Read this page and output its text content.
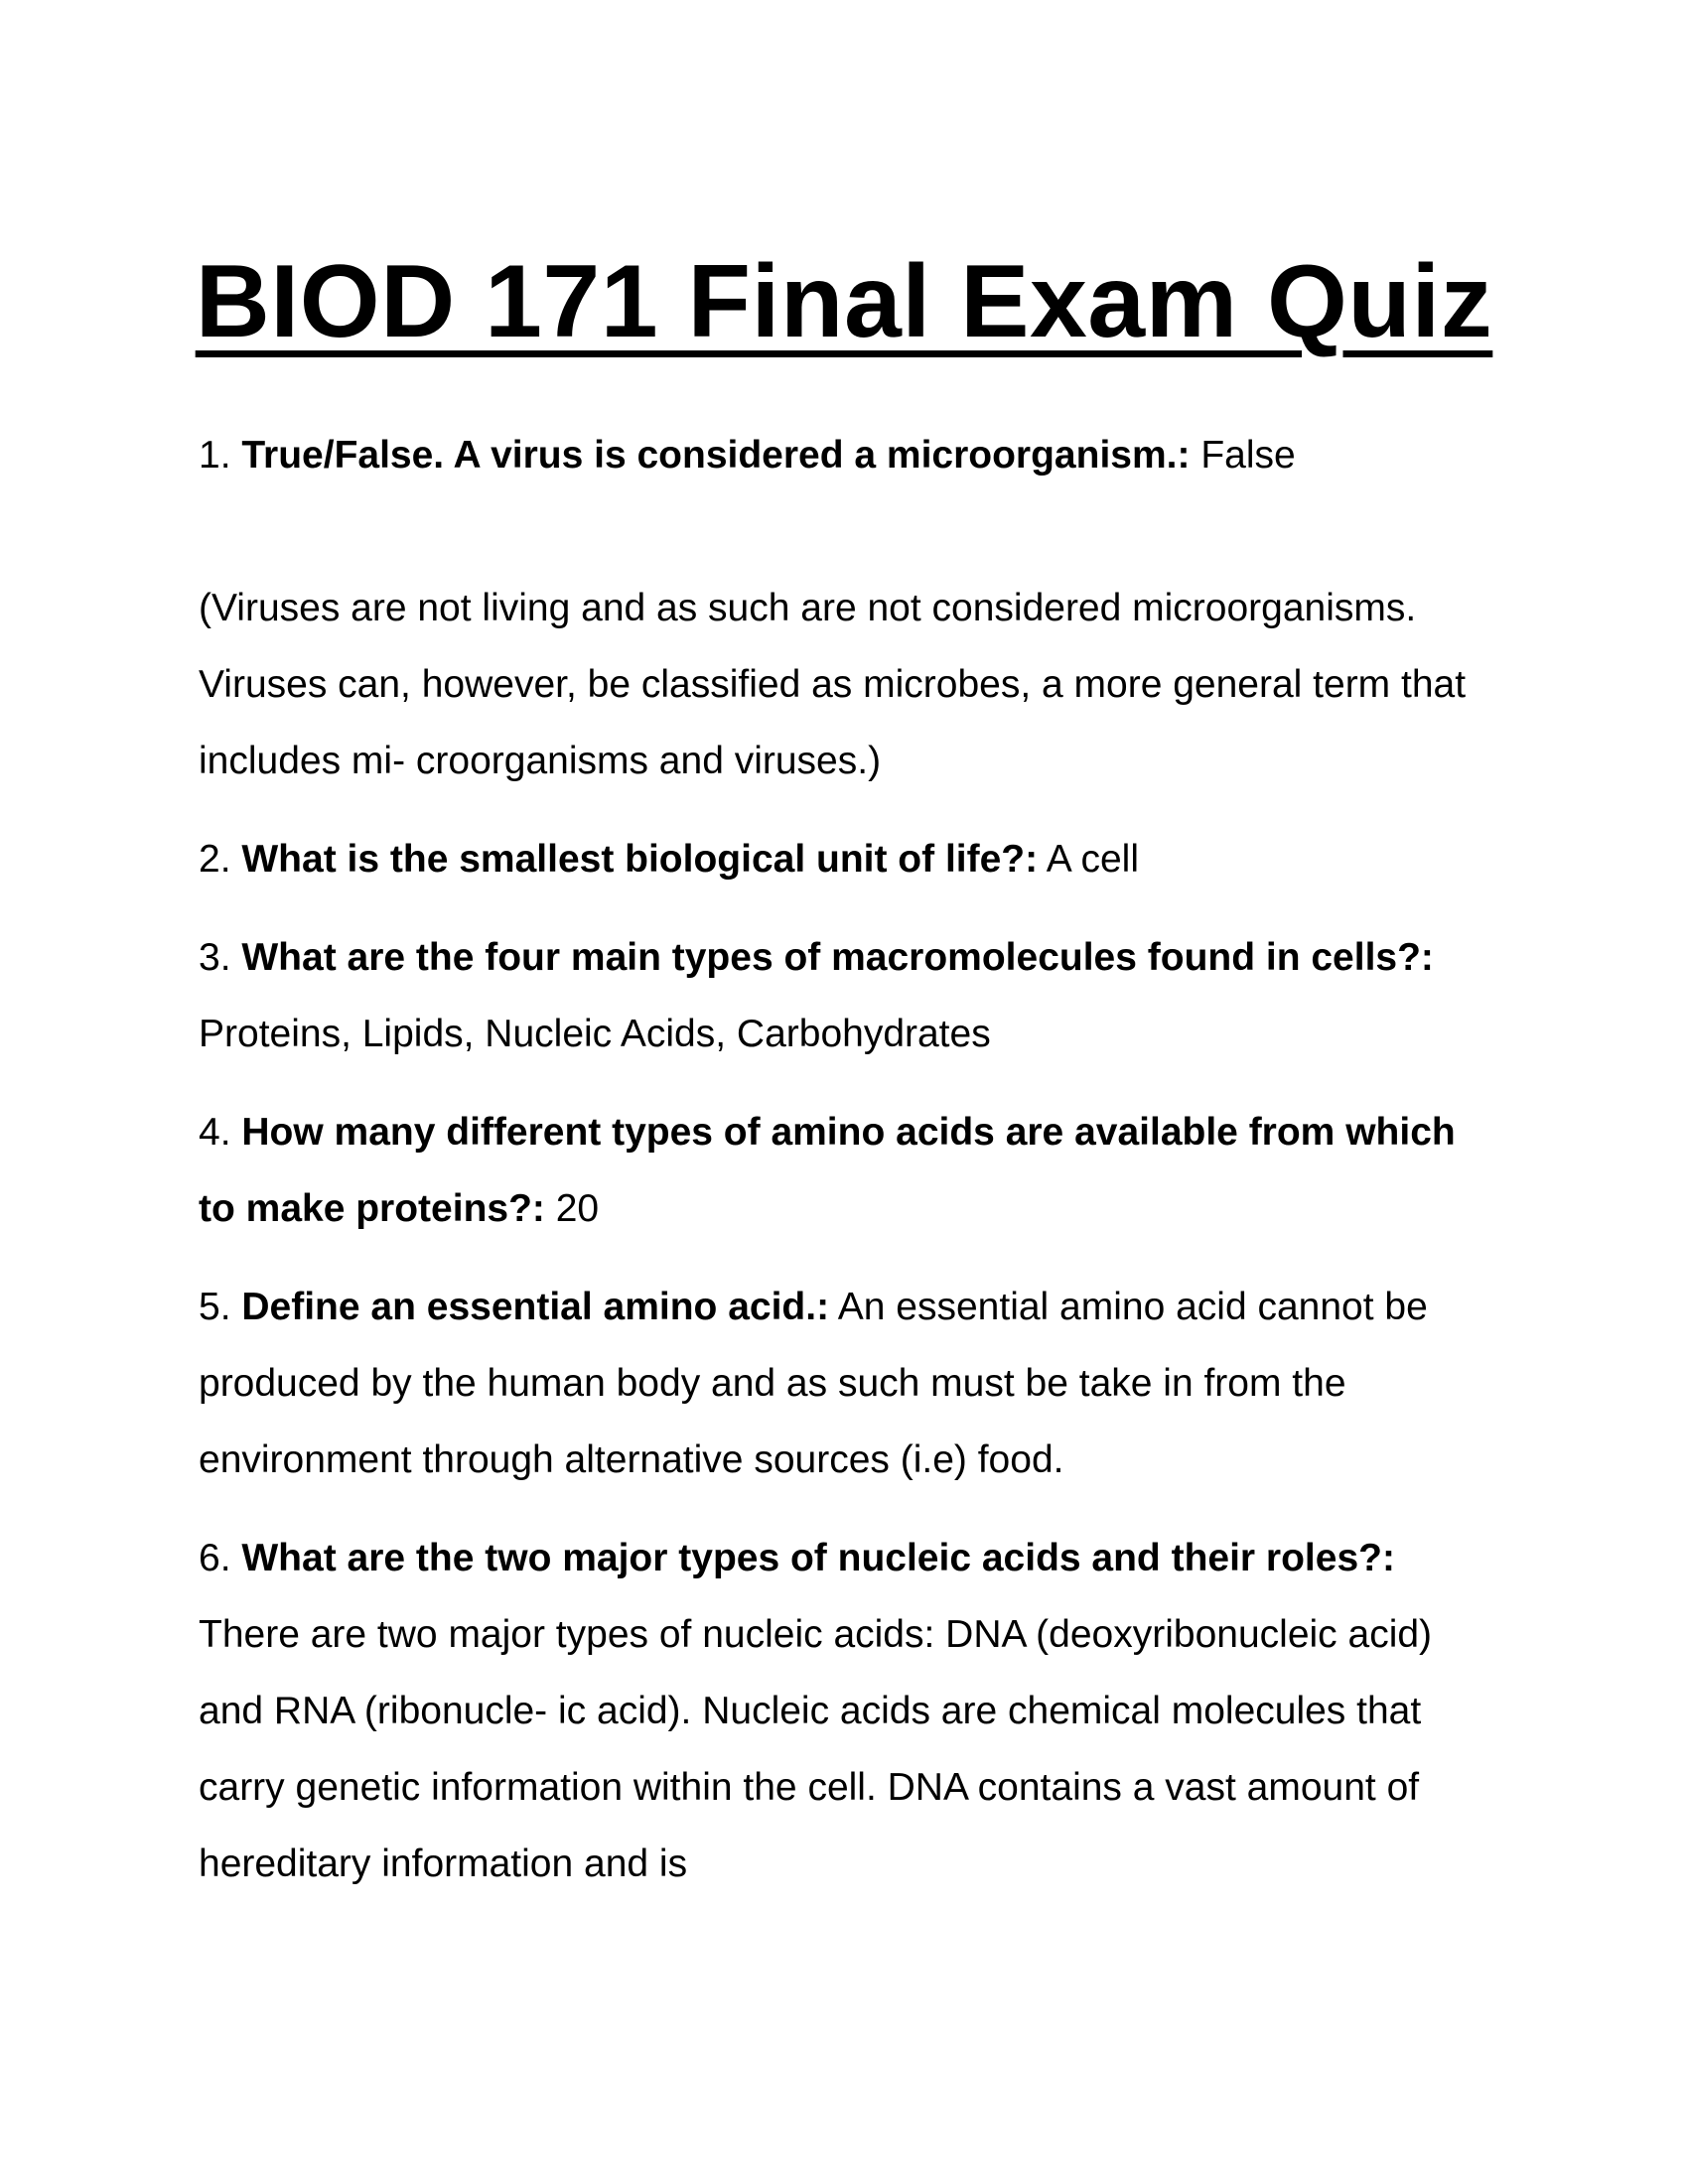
BIOD 171 Final Exam Quiz
1. True/False. A virus is considered a microorganism.: False
(Viruses are not living and as such are not considered microorganisms. Viruses can, however, be classified as microbes, a more general term that includes mi- croorganisms and viruses.)
2. What is the smallest biological unit of life?: A cell
3. What are the four main types of macromolecules found in cells?: Proteins, Lipids, Nucleic Acids, Carbohydrates
4. How many different types of amino acids are available from which to make proteins?: 20
5. Define an essential amino acid.: An essential amino acid cannot be produced by the human body and as such must be take in from the environment through alternative sources (i.e) food.
6. What are the two major types of nucleic acids and their roles?: There are two major types of nucleic acids: DNA (deoxyribonucleic acid) and RNA (ribonucle- ic acid). Nucleic acids are chemical molecules that carry genetic information within the cell. DNA contains a vast amount of hereditary information and is
